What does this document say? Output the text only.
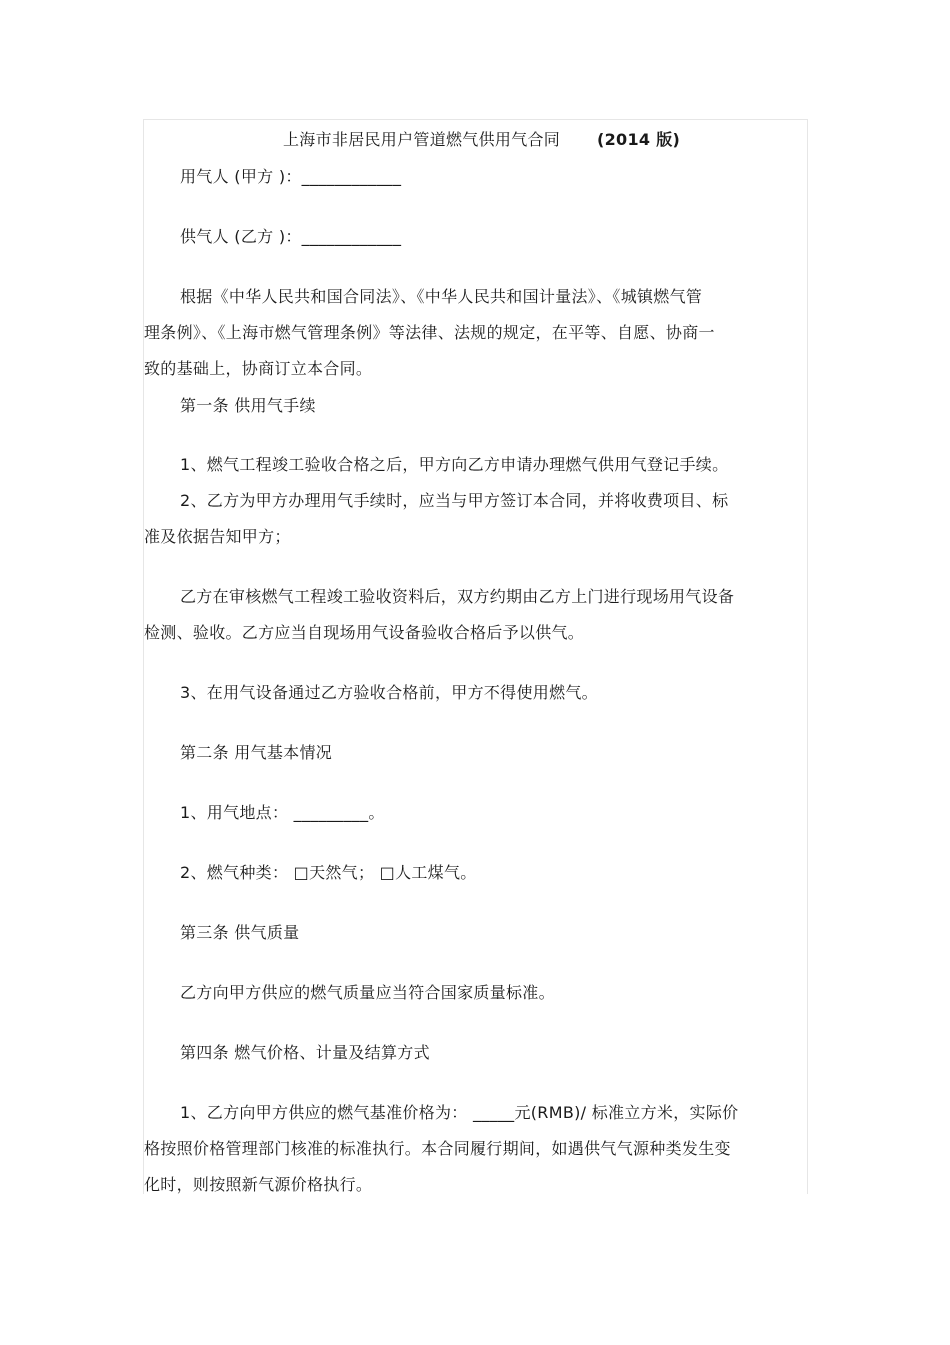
上海市非居民用户管道燃气供用气合同 (2014 版)
用气人 (甲方 )：____________
供气人 (乙方 )：____________
根据《中华人民共和国合同法》、《中华人民共和国计量法》、《城镇燃气管
理条例》、《上海市燃气管理条例》等法律、法规的规定，在平等、自愿、协商一
致的基础上，协商订立本合同。
第一条 供用气手续
1、燃气工程竣工验收合格之后，甲方向乙方申请办理燃气供用气登记手续。
2、乙方为甲方办理用气手续时，应当与甲方签订本合同，并将收费项目、标
准及依据告知甲方；
乙方在审核燃气工程竣工验收资料后，双方约期由乙方上门进行现场用气设备
检测、验收。乙方应当自现场用气设备验收合格后予以供气。
3、在用气设备通过乙方验收合格前，甲方不得使用燃气。
第二条 用气基本情况
1、用气地点： _________。
2、燃气种类： □天然气； □人工煤气。
第三条 供气质量
乙方向甲方供应的燃气质量应当符合国家质量标准。
第四条 燃气价格、计量及结算方式
1、乙方向甲方供应的燃气基准价格为： _____元(RMB)/ 标准立方米，实际价
格按照价格管理部门核准的标准执行。本合同履行期间，如遇供气气源种类发生变
化时，则按照新气源价格执行。
